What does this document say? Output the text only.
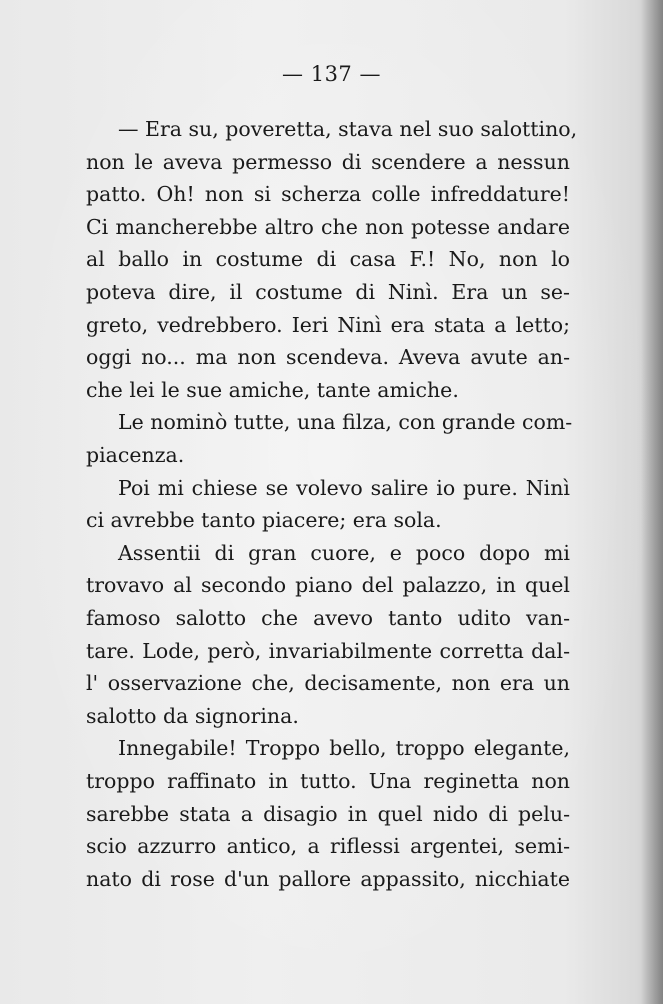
— 137 —
— Era su, poveretta, stava nel suo salottino,
non le aveva permesso di scendere a nessun
patto. Oh! non si scherza colle infreddature!
Ci mancherebbe altro che non potesse andare
al ballo in costume di casa F.! No, non lo
poteva dire, il costume di Ninì. Era un se-
greto, vedrebbero. Ieri Ninì era stata a letto;
oggi no... ma non scendeva. Aveva avute an-
che lei le sue amiche, tante amiche.
Le nominò tutte, una filza, con grande com-
piacenza.
Poi mi chiese se volevo salire io pure. Ninì
ci avrebbe tanto piacere; era sola.
Assentii di gran cuore, e poco dopo mi
trovavo al secondo piano del palazzo, in quel
famoso salotto che avevo tanto udito van-
tare. Lode, però, invariabilmente corretta dal-
l' osservazione che, decisamente, non era un
salotto da signorina.
Innegabile! Troppo bello, troppo elegante,
troppo raffinato in tutto. Una reginetta non
sarebbe stata a disagio in quel nido di pelu-
scio azzurro antico, a riflessi argentei, semi-
nato di rose d'un pallore appassito, nicchiate
